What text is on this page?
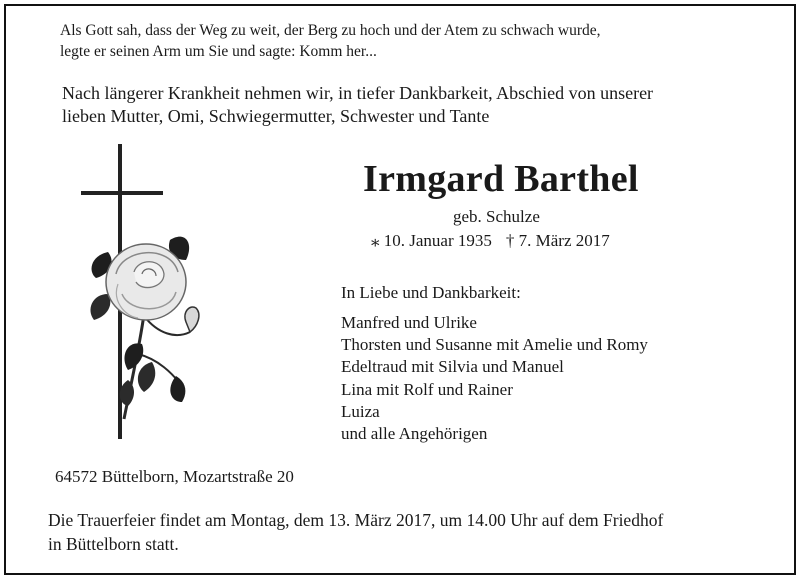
Als Gott sah, dass der Weg zu weit, der Berg zu hoch und der Atem zu schwach wurde,
legte er seinen Arm um Sie und sagte: Komm her...
Nach längerer Krankheit nehmen wir, in tiefer Dankbarkeit, Abschied von unserer
lieben Mutter, Omi, Schwiegermutter, Schwester und Tante
Irmgard Barthel
geb. Schulze
⁎ 10. Januar 1935 † 7. März 2017
In Liebe und Dankbarkeit:
Manfred und Ulrike
Thorsten und Susanne mit Amelie und Romy
Edeltraud mit Silvia und Manuel
Lina mit Rolf und Rainer
Luiza
und alle Angehörigen
64572 Büttelborn, Mozartstraße 20
Die Trauerfeier findet am Montag, dem 13. März 2017, um 14.00 Uhr auf dem Friedhof
in Büttelborn statt.
